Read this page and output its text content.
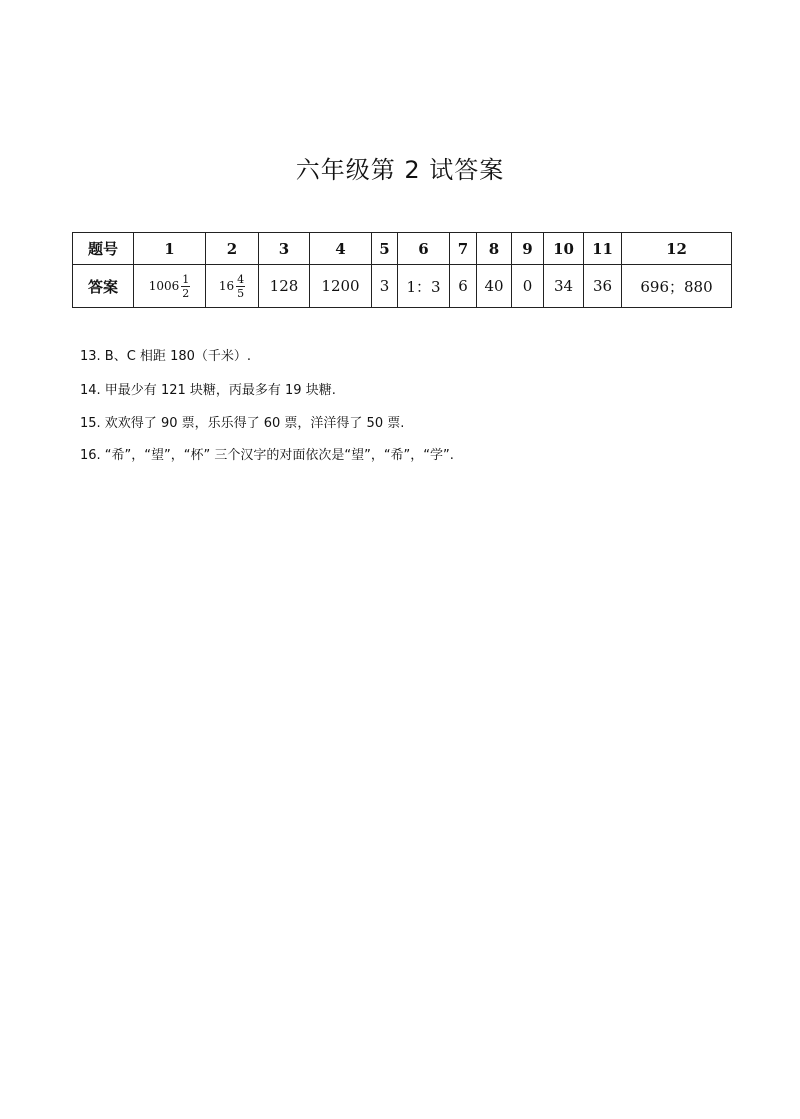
六年级第 2 试答案
题号	1	2	3	4	5	6	7	8	9	10	11	12
答案	$1006 \frac{1}{2}$	$16 \frac{4}{5}$	128	1200	3	1：3	6	40	0	34	36	696；880
13. B、C 相距 180（千米）.
14. 甲最少有 121 块糖，丙最多有 19 块糖.
15. 欢欢得了 90 票，乐乐得了 60 票，洋洋得了 50 票.
16. “希”，“望”，“杯” 三个汉字的对面依次是“望”，“希”，“学”.
